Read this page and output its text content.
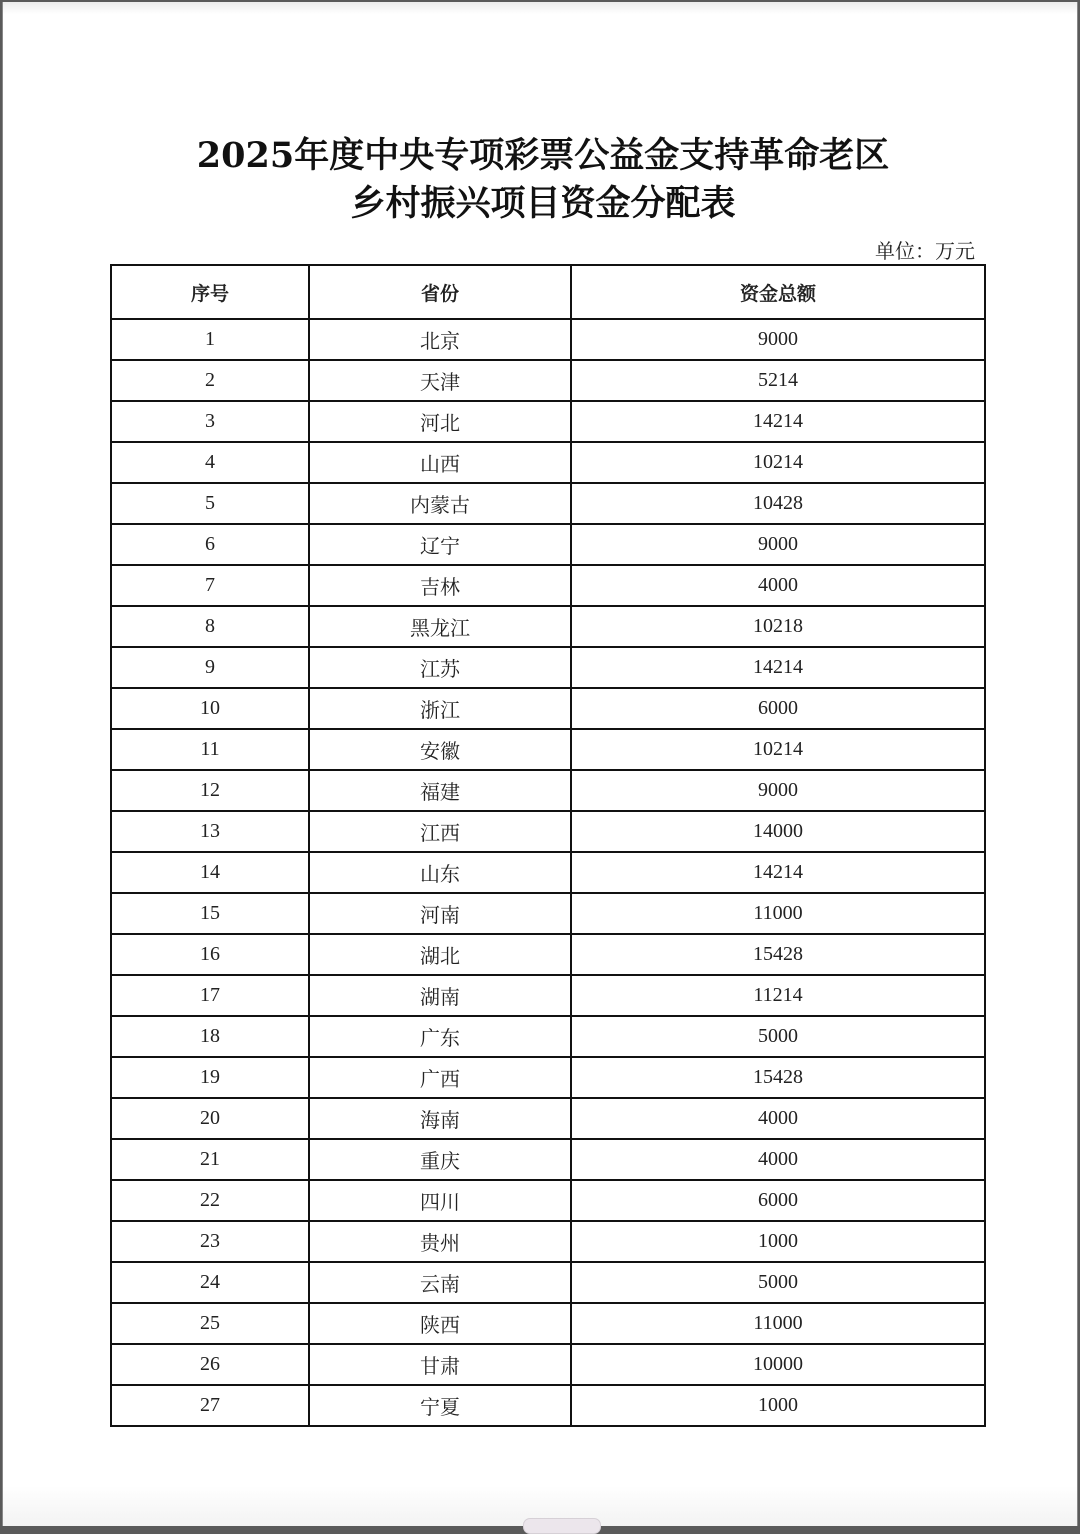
2025年度中央专项彩票公益金支持革命老区
乡村振兴项目资金分配表
单位：万元
序号	省份	资金总额
1	北京	9000
2	天津	5214
3	河北	14214
4	山西	10214
5	内蒙古	10428
6	辽宁	9000
7	吉林	4000
8	黑龙江	10218
9	江苏	14214
10	浙江	6000
11	安徽	10214
12	福建	9000
13	江西	14000
14	山东	14214
15	河南	11000
16	湖北	15428
17	湖南	11214
18	广东	5000
19	广西	15428
20	海南	4000
21	重庆	4000
22	四川	6000
23	贵州	1000
24	云南	5000
25	陕西	11000
26	甘肃	10000
27	宁夏	1000
